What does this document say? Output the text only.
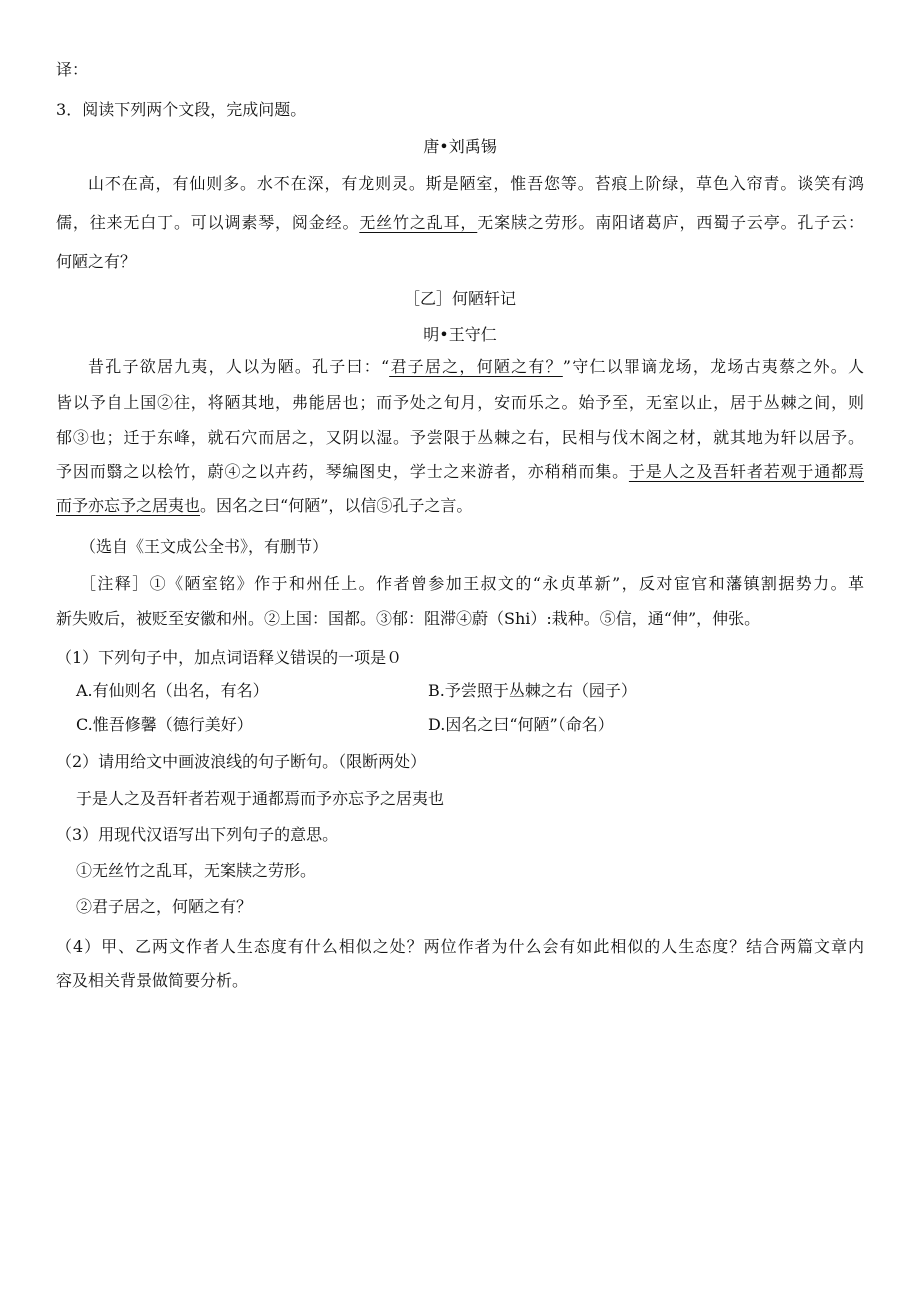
译：
3．阅读下列两个文段，完成问题。
唐•刘禹锡
山不在高，有仙则多。水不在深，有龙则灵。斯是陋室，惟吾您等。苔痕上阶绿，草色入帘青。谈笑有鸿
儒，往来无白丁。可以调素琴，阅金经。无丝竹之乱耳，无案牍之劳形。南阳诸葛庐，西蜀子云亭。孔子云：
何陋之有？
［乙］何陋轩记
明•王守仁
昔孔子欲居九夷，人以为陋。孔子曰：“君子居之，何陋之有？”守仁以罪谪龙场，龙场古夷蔡之外。人
皆以予自上国②往，将陋其地，弗能居也；而予处之旬月，安而乐之。始予至，无室以止，居于丛棘之间，则
郁③也；迁于东峰，就石穴而居之，又阴以湿。予尝限于丛棘之右，民相与伐木阁之材，就其地为轩以居予。
予因而翳之以桧竹，蔚④之以卉药，琴编图史，学士之来游者，亦稍稍而集。于是人之及吾轩者若观于通都焉
而予亦忘予之居夷也。因名之曰“何陋”，以信⑤孔子之言。
（选自《王文成公全书》，有删节）
［注释］①《陋室铭》作于和州任上。作者曾参加王叔文的“永贞革新”，反对宦官和藩镇割据势力。革
新失败后，被贬至安徽和州。②上国：国都。③郁：阻滞④蔚（Shi）:栽种。⑤信，通“伸”，伸张。
（1）下列句子中，加点词语释义错误的一项是０
A.有仙则名（出名，有名）	B.予尝照于丛棘之右（园子）
C.惟吾修馨（德行美好）	D.因名之曰“何陋”（命名）
（2）请用给文中画波浪线的句子断句。（限断两处）
于是人之及吾轩者若观于通都焉而予亦忘予之居夷也
（3）用现代汉语写出下列句子的意思。
①无丝竹之乱耳，无案牍之劳形。
②君子居之，何陋之有？
（4）甲、乙两文作者人生态度有什么相似之处？两位作者为什么会有如此相似的人生态度？结合两篇文章内
容及相关背景做简要分析。
